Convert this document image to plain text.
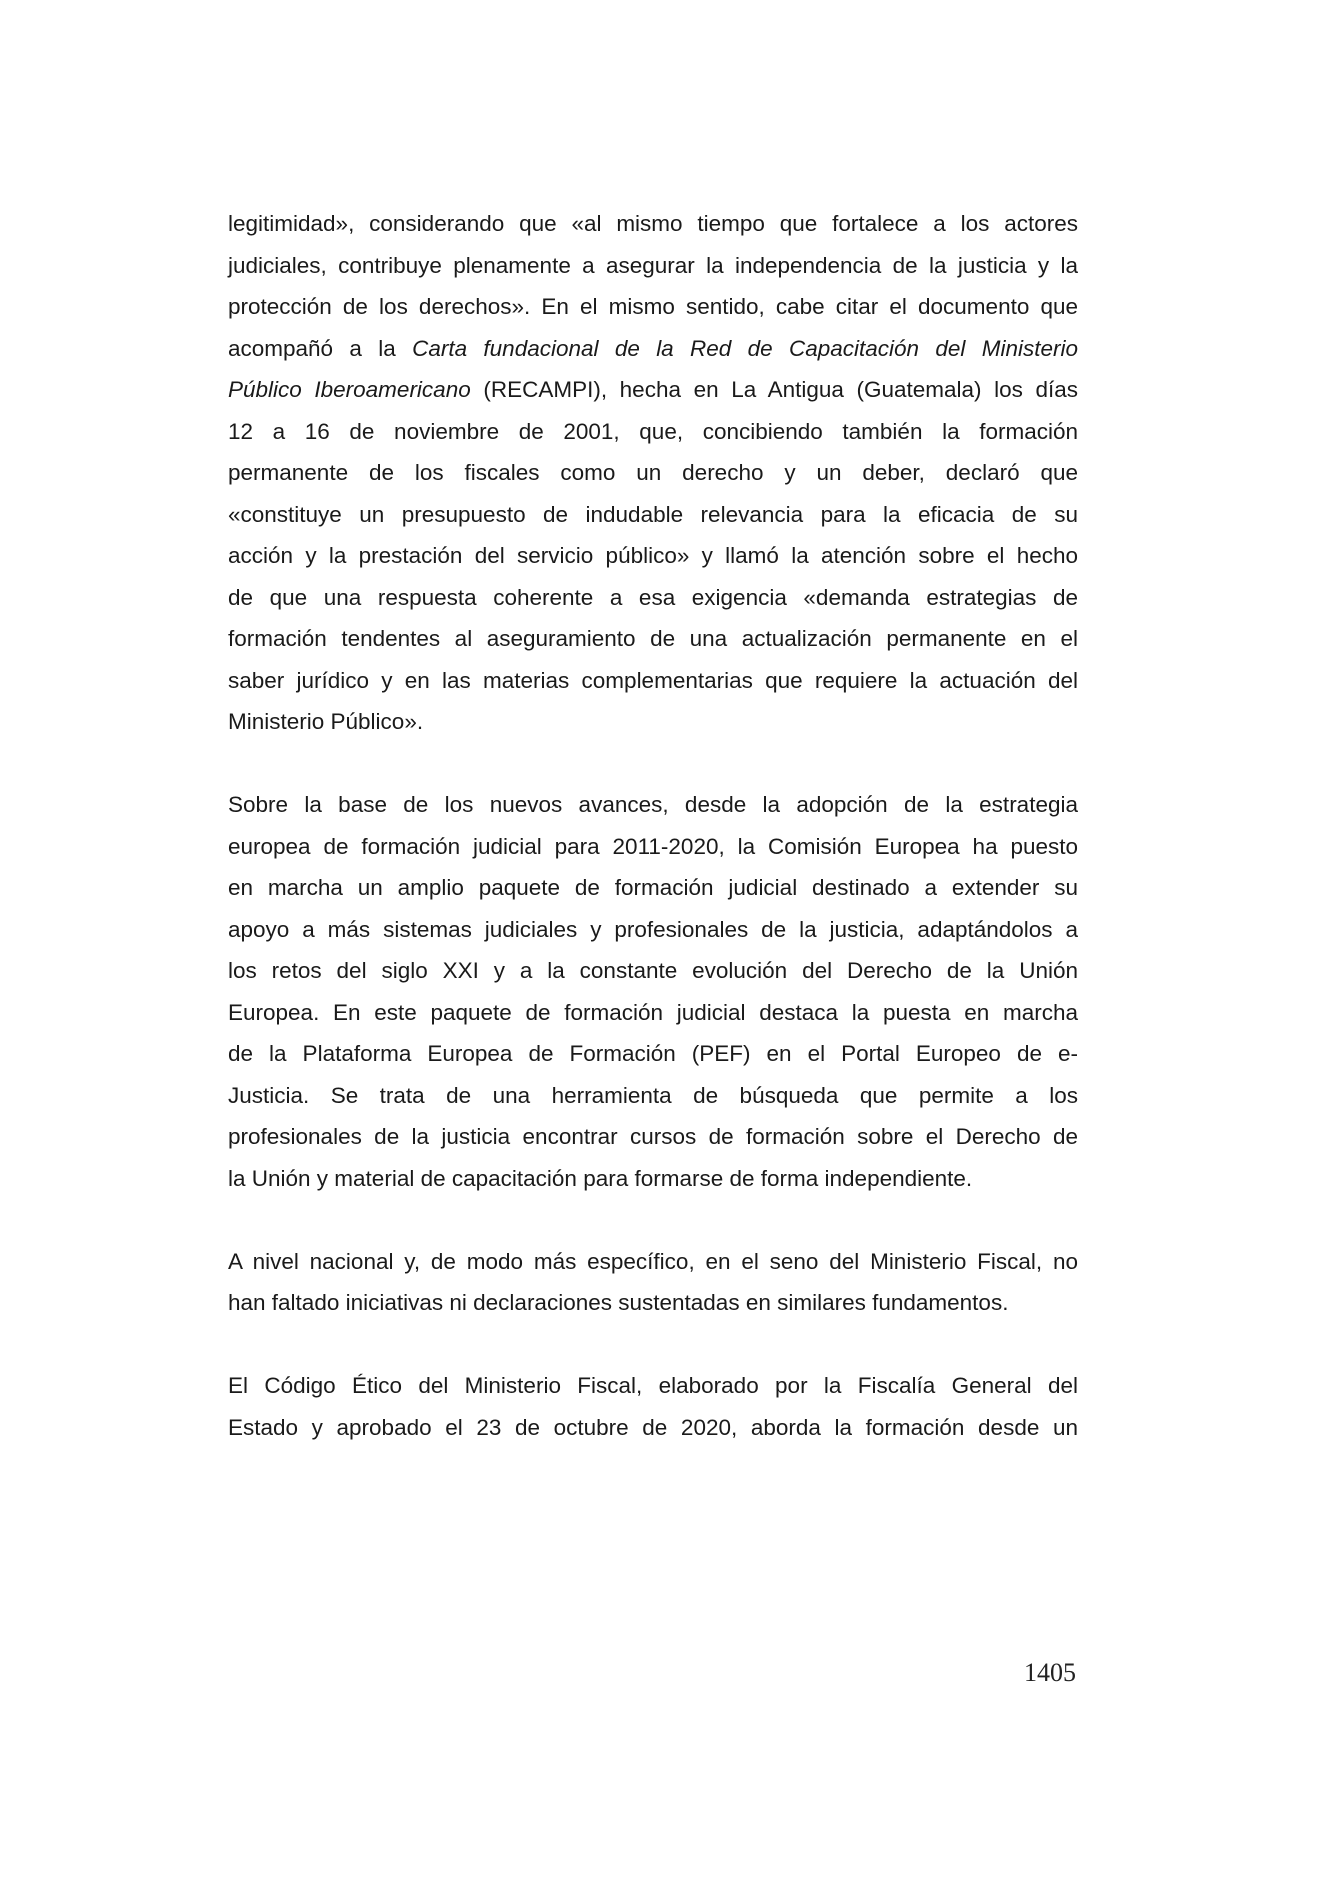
legitimidad», considerando que «al mismo tiempo que fortalece a los actores
judiciales, contribuye plenamente a asegurar la independencia de la justicia y la
protección de los derechos». En el mismo sentido, cabe citar el documento que
acompañó a la Carta fundacional de la Red de Capacitación del Ministerio
Público Iberoamericano (RECAMPI), hecha en La Antigua (Guatemala) los días
12 a 16 de noviembre de 2001, que, concibiendo también la formación
permanente de los fiscales como un derecho y un deber, declaró que
«constituye un presupuesto de indudable relevancia para la eficacia de su
acción y la prestación del servicio público» y llamó la atención sobre el hecho
de que una respuesta coherente a esa exigencia «demanda estrategias de
formación tendentes al aseguramiento de una actualización permanente en el
saber jurídico y en las materias complementarias que requiere la actuación del
Ministerio Público».

Sobre la base de los nuevos avances, desde la adopción de la estrategia
europea de formación judicial para 2011-2020, la Comisión Europea ha puesto
en marcha un amplio paquete de formación judicial destinado a extender su
apoyo a más sistemas judiciales y profesionales de la justicia, adaptándolos a
los retos del siglo XXI y a la constante evolución del Derecho de la Unión
Europea. En este paquete de formación judicial destaca la puesta en marcha
de la Plataforma Europea de Formación (PEF) en el Portal Europeo de e-
Justicia. Se trata de una herramienta de búsqueda que permite a los
profesionales de la justicia encontrar cursos de formación sobre el Derecho de
la Unión y material de capacitación para formarse de forma independiente.

A nivel nacional y, de modo más específico, en el seno del Ministerio Fiscal, no
han faltado iniciativas ni declaraciones sustentadas en similares fundamentos.

El Código Ético del Ministerio Fiscal, elaborado por la Fiscalía General del
Estado y aprobado el 23 de octubre de 2020, aborda la formación desde un

1405
